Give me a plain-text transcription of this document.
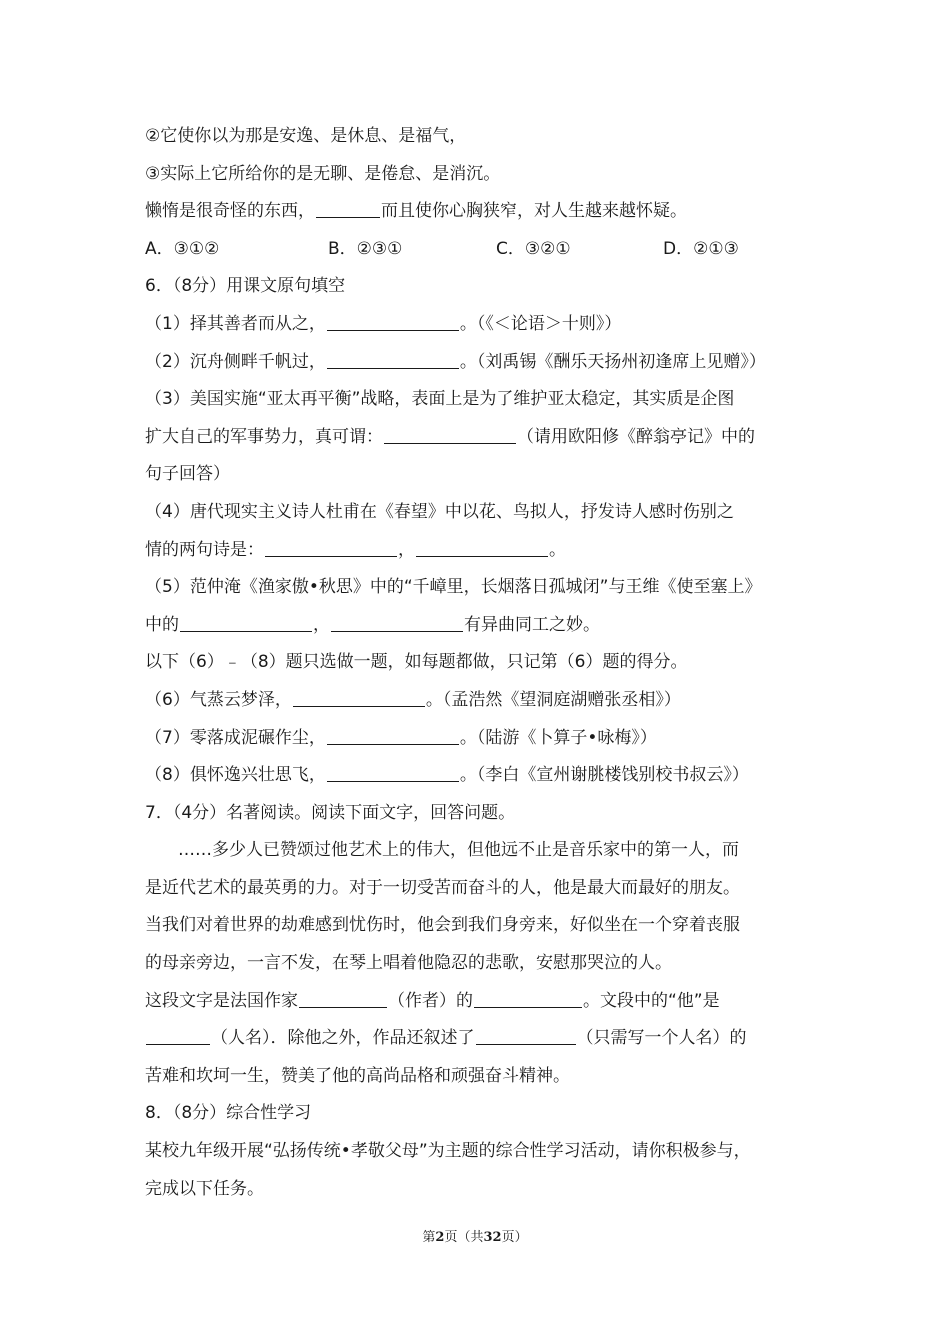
②它使你以为那是安逸、是休息、是福气，
③实际上它所给你的是无聊、是倦怠、是消沉。
懒惰是很奇怪的东西，	而且使你心胸狭窄，对人生越来越怀疑。
A．③①②	B．②③①	C．③②①	D．②①③
6．（8分）用课文原句填空
（1）择其善者而从之，	。（《＜论语＞十则》）
（2）沉舟侧畔千帆过，	。（刘禹锡《酬乐天扬州初逢席上见赠》）
（3）美国实施“亚太再平衡”战略，表面上是为了维护亚太稳定，其实质是企图
扩大自己的军事势力，真可谓：	（请用欧阳修《醉翁亭记》中的
句子回答）
（4）唐代现实主义诗人杜甫在《春望》中以花、鸟拟人，抒发诗人感时伤别之
情的两句诗是：	，	。
（5）范仲淹《渔家傲•秋思》中的“千嶂里，长烟落日孤城闭”与王维《使至塞上》
中的	，	有异曲同工之妙。
以下（6）﹣（8）题只选做一题，如每题都做，只记第（6）题的得分。
（6）气蒸云梦泽，	。（孟浩然《望洞庭湖赠张丞相》）
（7）零落成泥碾作尘，	。（陆游《卜算子•咏梅》）
（8）俱怀逸兴壮思飞，	。（李白《宣州谢朓楼饯别校书叔云》）
7．（4分）名著阅读。阅读下面文字，回答问题。
……多少人已赞颂过他艺术上的伟大，但他远不止是音乐家中的第一人，而
是近代艺术的最英勇的力。对于一切受苦而奋斗的人，他是最大而最好的朋友。
当我们对着世界的劫难感到忧伤时，他会到我们身旁来，好似坐在一个穿着丧服
的母亲旁边，一言不发，在琴上唱着他隐忍的悲歌，安慰那哭泣的人。
这段文字是法国作家	（作者）的	。文段中的“他”是
（人名）．除他之外，作品还叙述了	（只需写一个人名）的
苦难和坎坷一生，赞美了他的高尚品格和顽强奋斗精神。
8．（8分）综合性学习
某校九年级开展“弘扬传统•孝敬父母”为主题的综合性学习活动，请你积极参与，
完成以下任务。
第2页（共32页）
